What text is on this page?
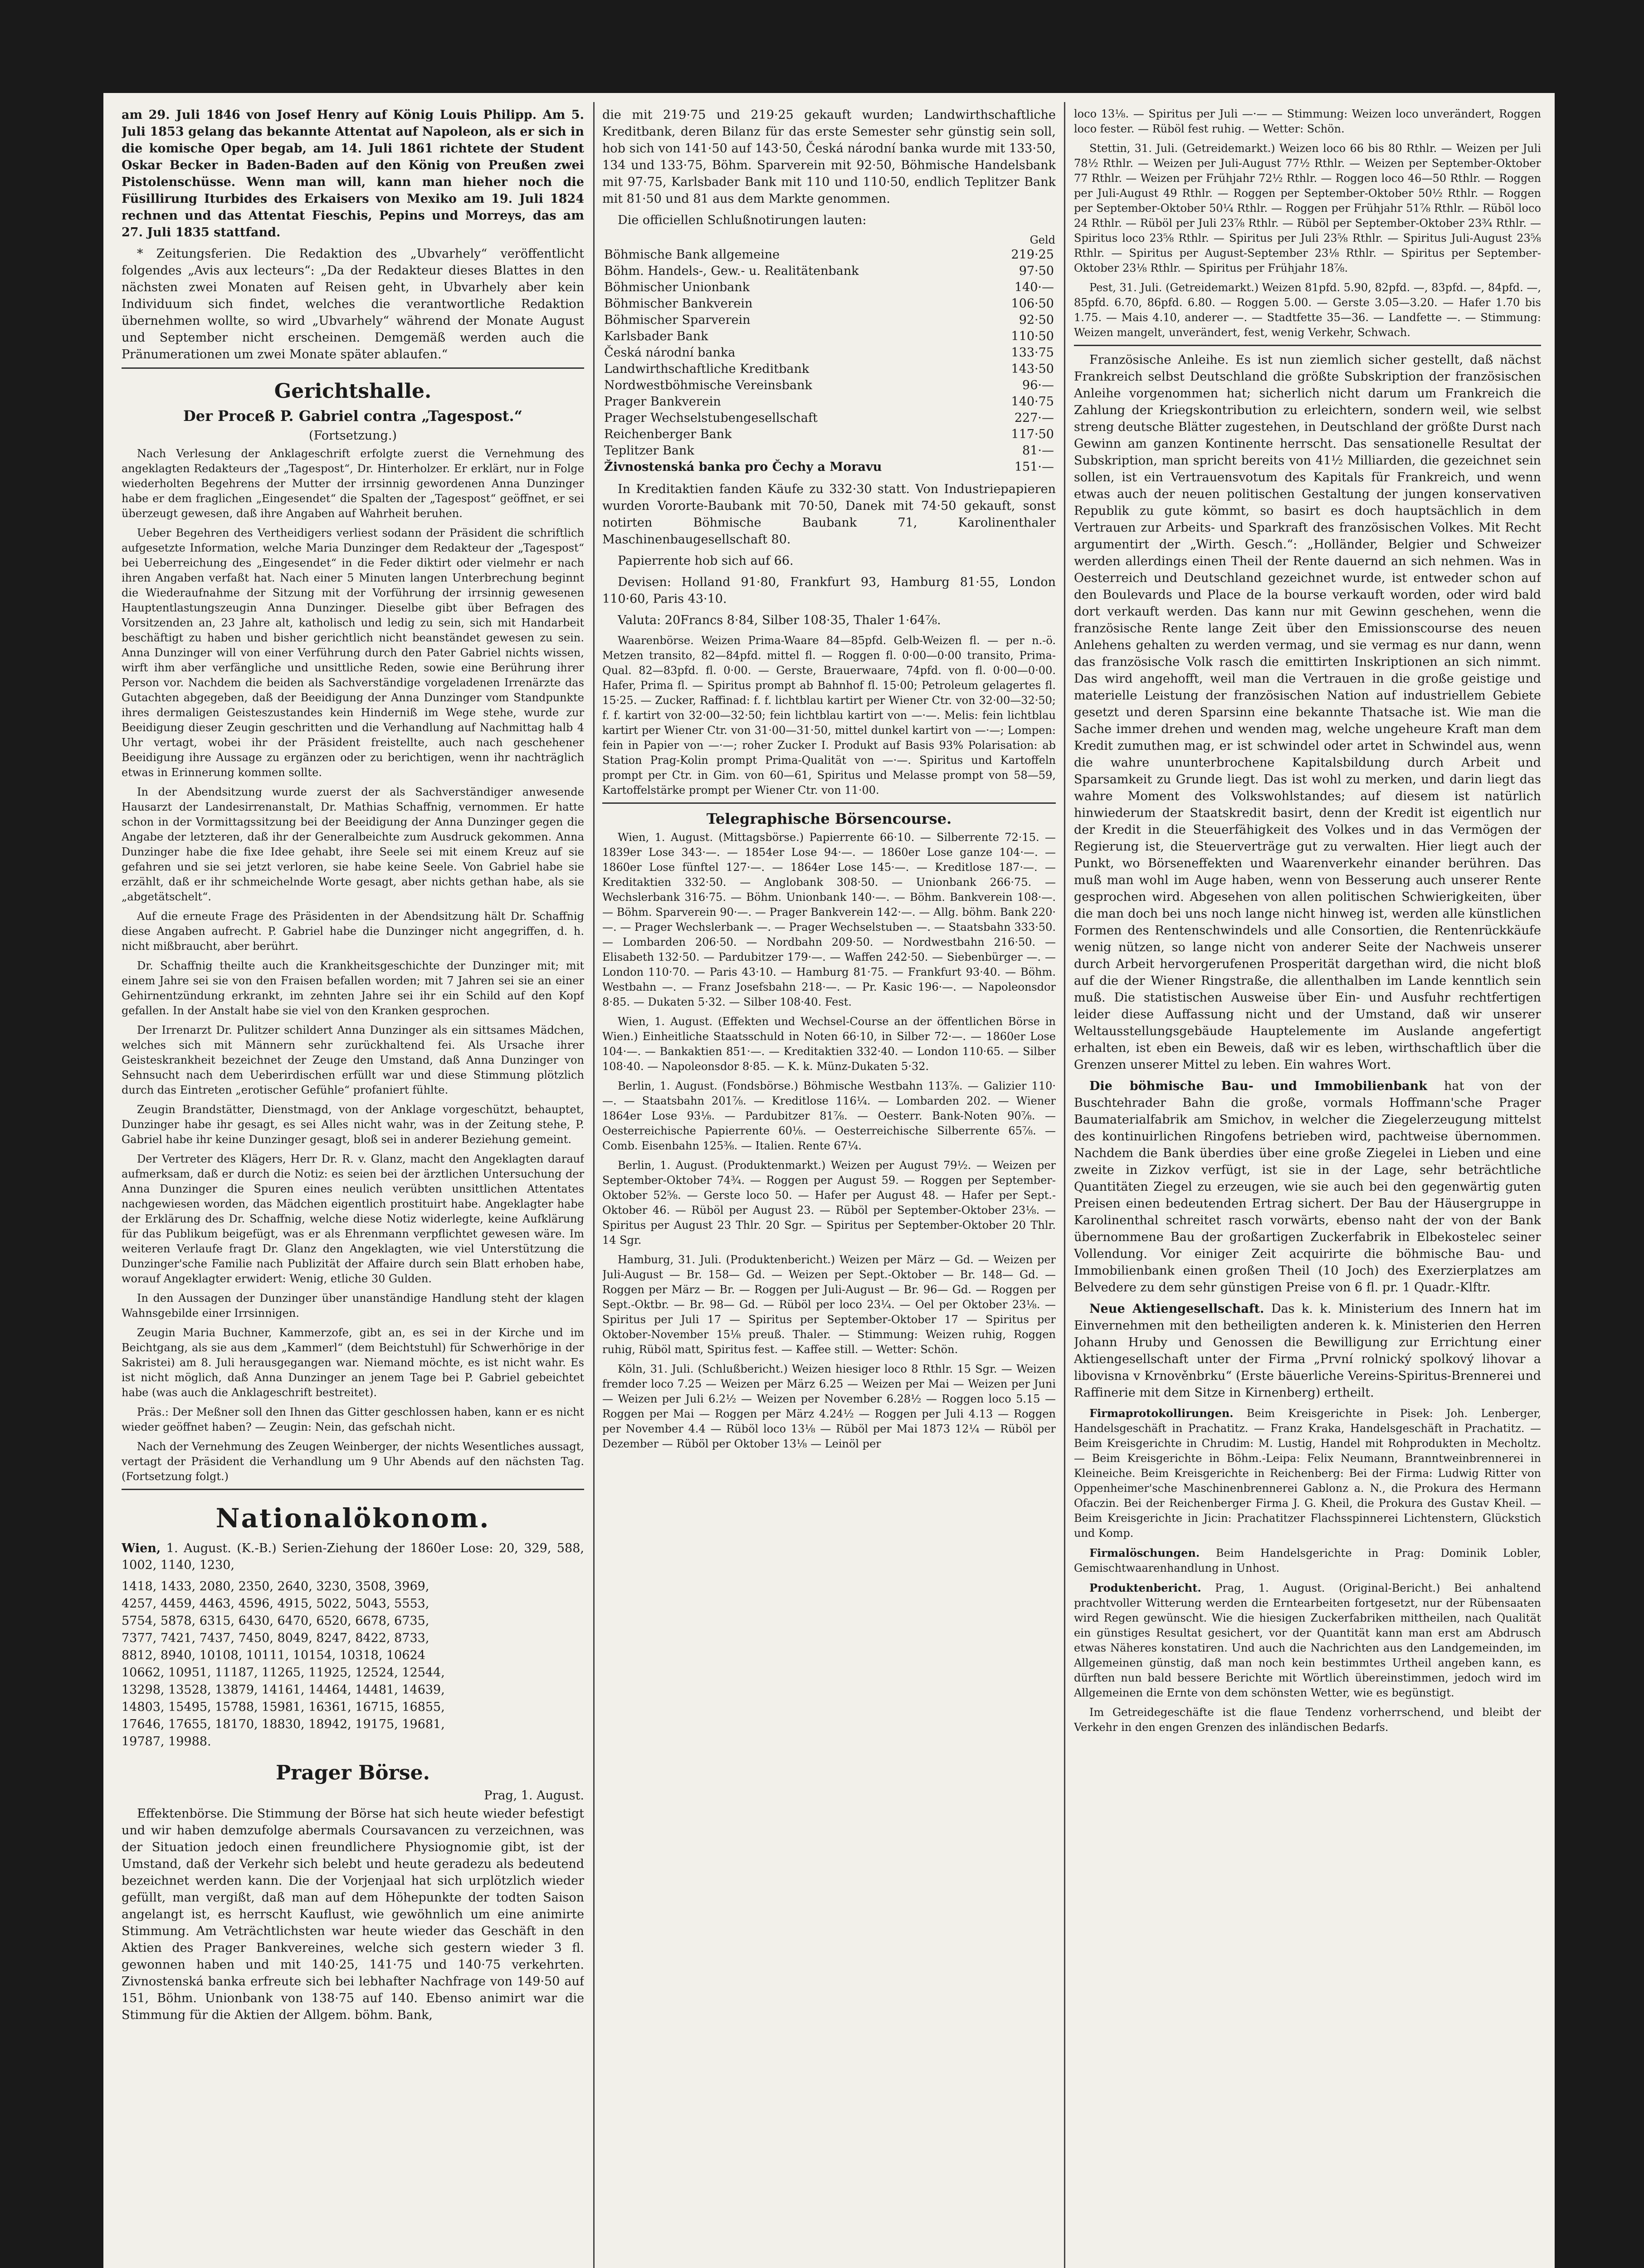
am 29. Juli 1846 von Josef Henry auf König Louis Philipp. Am 5. Juli 1853 gelang das bekannte Attentat auf Napoleon, als er sich in die komische Oper begab, am 14. Juli 1861 richtete der Student Oskar Becker in Baden-Baden auf den König von Preußen zwei Pistolenschüsse. Wenn man will, kann man hieher noch die Füsillirung Iturbides des Erkaisers von Mexiko am 19. Juli 1824 rechnen und das Attentat Fieschis, Pepins und Morreys, das am 27. Juli 1835 stattfand.

* Zeitungsferien. Die Redaktion des „Ubvarhely“ veröffentlicht folgendes „Avis aux lecteurs“: „Da der Redakteur dieses Blattes in den nächsten zwei Monaten auf Reisen geht, in Ubvarhely aber kein Individuum sich findet, welches die verantwortliche Redaktion übernehmen wollte, so wird „Ubvarhely“ während der Monate August und September nicht erscheinen. Demgemäß werden auch die Pränumerationen um zwei Monate später ablaufen.“

Gerichtshalle.
Der Proceß P. Gabriel contra „Tagespost.“
(Fortsetzung.)

Nach Verlesung der Anklageschrift erfolgte zuerst die Vernehmung des angeklagten Redakteurs der „Tagespost“, Dr. Hinterholzer. Er erklärt, nur in Folge wiederholten Begehrens der Mutter der irrsinnig gewordenen Anna Dunzinger habe er dem fraglichen „Eingesendet“ die Spalten der „Tagespost“ geöffnet, er sei überzeugt gewesen, daß ihre Angaben auf Wahrheit beruhen.

Ueber Begehren des Vertheidigers verliest sodann der Präsident die schriftlich aufgesetzte Information, welche Maria Dunzinger dem Redakteur der „Tagespost“ bei Ueberreichung des „Eingesendet“ in die Feder diktirt oder vielmehr er nach ihren Angaben verfaßt hat. Nach einer 5 Minuten langen Unterbrechung beginnt die Wiederaufnahme der Sitzung mit der Vorführung der irrsinnig gewesenen Hauptentlastungszeugin Anna Dunzinger. Dieselbe gibt über Befragen des Vorsitzenden an, 23 Jahre alt, katholisch und ledig zu sein, sich mit Handarbeit beschäftigt zu haben und bisher gerichtlich nicht beanständet gewesen zu sein. Anna Dunzinger will von einer Verführung durch den Pater Gabriel nichts wissen, wirft ihm aber verfängliche und unsittliche Reden, sowie eine Berührung ihrer Person vor. Nachdem die beiden als Sachverständige vorgeladenen Irrenärzte das Gutachten abgegeben, daß der Beeidigung der Anna Dunzinger vom Standpunkte ihres dermaligen Geisteszustandes kein Hinderniß im Wege stehe, wurde zur Beeidigung dieser Zeugin geschritten und die Verhandlung auf Nachmittag halb 4 Uhr vertagt, wobei ihr der Präsident freistellte, auch nach geschehener Beeidigung ihre Aussage zu ergänzen oder zu berichtigen, wenn ihr nachträglich etwas in Erinnerung kommen sollte.

In der Abendsitzung wurde zuerst der als Sachverständiger anwesende Hausarzt der Landesirrenanstalt, Dr. Mathias Schaffnig, vernommen. Er hatte schon in der Vormittagssitzung bei der Beeidigung der Anna Dunzinger gegen die Angabe der letzteren, daß ihr der Generalbeichte zum Ausdruck gekommen. Anna Dunzinger habe die fixe Idee gehabt, ihre Seele sei mit einem Kreuz auf sie gefahren und sie sei jetzt verloren, sie habe keine Seele. Von Gabriel habe sie erzählt, daß er ihr schmeichelnde Worte gesagt, aber nichts gethan habe, als sie „abgetätschelt“.

Auf die erneute Frage des Präsidenten in der Abendsitzung hält Dr. Schaffnig diese Angaben aufrecht. P. Gabriel habe die Dunzinger nicht angegriffen, d. h. nicht mißbraucht, aber berührt.

Dr. Schaffnig theilte auch die Krankheitsgeschichte der Dunzinger mit; mit einem Jahre sei sie von den Fraisen befallen worden; mit 7 Jahren sei sie an einer Gehirnentzündung erkrankt, im zehnten Jahre sei ihr ein Schild auf den Kopf gefallen. In der Anstalt habe sie viel von den Kranken gesprochen.

Der Irrenarzt Dr. Pulitzer schildert Anna Dunzinger als ein sittsames Mädchen, welches sich mit Männern sehr zurückhaltend fei. Als Ursache ihrer Geisteskrankheit bezeichnet der Zeuge den Umstand, daß Anna Dunzinger von Sehnsucht nach dem Ueberirdischen erfüllt war und diese Stimmung plötzlich durch das Eintreten „erotischer Gefühle“ profaniert fühlte.

Zeugin Brandstätter, Dienstmagd, von der Anklage vorgeschützt, behauptet, Dunzinger habe ihr gesagt, es sei Alles nicht wahr, was in der Zeitung stehe, P. Gabriel habe ihr keine Dunzinger gesagt, bloß sei in anderer Beziehung gemeint.

Der Vertreter des Klägers, Herr Dr. R. v. Glanz, macht den Angeklagten darauf aufmerksam, daß er durch die Notiz: es seien bei der ärztlichen Untersuchung der Anna Dunzinger die Spuren eines neulich verübten unsittlichen Attentates nachgewiesen worden, das Mädchen eigentlich prostituirt habe. Angeklagter habe der Erklärung des Dr. Schaffnig, welche diese Notiz widerlegte, keine Aufklärung für das Publikum beigefügt, was er als Ehrenmann verpflichtet gewesen wäre. Im weiteren Verlaufe fragt Dr. Glanz den Angeklagten, wie viel Unterstützung die Dunzinger'sche Familie nach Publizität der Affaire durch sein Blatt erhoben habe, worauf Angeklagter erwidert: Wenig, etliche 30 Gulden.

In den Aussagen der Dunzinger über unanständige Handlung steht der klagen Wahnsgebilde einer Irrsinnigen.

Zeugin Maria Buchner, Kammerzofe, gibt an, es sei in der Kirche und im Beichtgang, als sie aus dem „Kammerl“ (dem Beichtstuhl) für Schwerhörige in der Sakristei) am 8. Juli herausgegangen war. Niemand möchte, es ist nicht wahr. Es ist nicht möglich, daß Anna Dunzinger an jenem Tage bei P. Gabriel gebeichtet habe (was auch die Anklageschrift bestreitet).

Präs.: Der Meßner soll den Ihnen das Gitter geschlossen haben, kann er es nicht wieder geöffnet haben? — Zeugin: Nein, das gefschah nicht.

Nach der Vernehmung des Zeugen Weinberger, der nichts Wesentliches aussagt, vertagt der Präsident die Verhandlung um 9 Uhr Abends auf den nächsten Tag. (Fortsetzung folgt.)

Nationalökonom.

Wien, 1. August. (K.-B.) Serien-Ziehung der 1860er Lose: 20, 329, 588, 1002, 1140, 1230,

1418, 1433, 2080, 2350, 2640, 3230, 3508, 3969,
4257, 4459, 4463, 4596, 4915, 5022, 5043, 5553,
5754, 5878, 6315, 6430, 6470, 6520, 6678, 6735,
7377, 7421, 7437, 7450, 8049, 8247, 8422, 8733,
8812, 8940, 10108, 10111, 10154, 10318, 10624
10662, 10951, 11187, 11265, 11925, 12524, 12544,
13298, 13528, 13879, 14161, 14464, 14481, 14639,
14803, 15495, 15788, 15981, 16361, 16715, 16855,
17646, 17655, 18170, 18830, 18942, 19175, 19681,
19787, 19988.
Prager Börse.
Prag, 1. August.

Effektenbörse. Die Stimmung der Börse hat sich heute wieder befestigt und wir haben demzufolge abermals Coursavancen zu verzeichnen, was der Situation jedoch einen freundlichere Physiognomie gibt, ist der Umstand, daß der Verkehr sich belebt und heute geradezu als bedeutend bezeichnet werden kann. Die der Vorjenjaal hat sich urplötzlich wieder gefüllt, man vergißt, daß man auf dem Höhepunkte der todten Saison angelangt ist, es herrscht Kauflust, wie gewöhnlich um eine animirte Stimmung. Am Veträchtlichsten war heute wieder das Geschäft in den Aktien des Prager Bankvereines, welche sich gestern wieder 3 fl. gewonnen haben und mit 140·25, 141·75 und 140·75 verkehrten. Zivnostenská banka erfreute sich bei lebhafter Nachfrage von 149·50 auf 151, Böhm. Unionbank von 138·75 auf 140. Ebenso animirt war die Stimmung für die Aktien der Allgem. böhm. Bank,

die mit 219·75 und 219·25 gekauft wurden; Landwirthschaftliche Kreditbank, deren Bilanz für das erste Semester sehr günstig sein soll, hob sich von 141·50 auf 143·50, Česká národní banka wurde mit 133·50, 134 und 133·75, Böhm. Sparverein mit 92·50, Böhmische Handelsbank mit 97·75, Karlsbader Bank mit 110 und 110·50, endlich Teplitzer Bank mit 81·50 und 81 aus dem Markte genommen.

Die officiellen Schlußnotirungen lauten:

	Geld
Böhmische Bank allgemeine	219·25
Böhm. Handels-, Gew.- u. Realitätenbank	97·50
Böhmischer Unionbank	140·—
Böhmischer Bankverein	106·50
Böhmischer Sparverein	92·50
Karlsbader Bank	110·50
Česká národní banka	133·75
Landwirthschaftliche Kreditbank	143·50
Nordwestböhmische Vereinsbank	96·—
Prager Bankverein	140·75
Prager Wechselstubengesellschaft	227·—
Reichenberger Bank	117·50
Teplitzer Bank	81·—
Živnostenská banka pro Čechy a Moravu	151·—

In Kreditaktien fanden Käufe zu 332·30 statt. Von Industriepapieren wurden Vororte-Baubank mit 70·50, Danek mit 74·50 gekauft, sonst notirten Böhmische Baubank 71, Karolinenthaler Maschinenbaugesellschaft 80.

Papierrente hob sich auf 66.

Devisen: Holland 91·80, Frankfurt 93, Hamburg 81·55, London 110·60, Paris 43·10.

Valuta: 20Francs 8·84, Silber 108·35, Thaler 1·64⅞.

Waarenbörse. Weizen Prima-Waare 84—85pfd. Gelb-Weizen fl. — per n.-ö. Metzen transito, 82—84pfd. mittel fl. — Roggen fl. 0·00—0·00 transito, Prima-Qual. 82—83pfd. fl. 0·00. — Gerste, Brauerwaare, 74pfd. von fl. 0·00—0·00. Hafer, Prima fl. — Spiritus prompt ab Bahnhof fl. 15·00; Petroleum gelagertes fl. 15·25. — Zucker, Raffinad: f. f. lichtblau kartirt per Wiener Ctr. von 32·00—32·50; f. f. kartirt von 32·00—32·50; fein lichtblau kartirt von —·—. Melis: fein lichtblau kartirt per Wiener Ctr. von 31·00—31·50, mittel dunkel kartirt von —·—; Lompen: fein in Papier von —·—; roher Zucker I. Produkt auf Basis 93% Polarisation: ab Station Prag-Kolin prompt Prima-Qualität von —·—. Spiritus und Kartoffeln prompt per Ctr. in Gim. von 60—61, Spiritus und Melasse prompt von 58—59, Kartoffelstärke prompt per Wiener Ctr. von 11·00.

Telegraphische Börsencourse.

Wien, 1. August. (Mittagsbörse.) Papierrente 66·10. — Silberrente 72·15. — 1839er Lose 343·—. — 1854er Lose 94·—. — 1860er Lose ganze 104·—. — 1860er Lose fünftel 127·—. — 1864er Lose 145·—. — Kreditlose 187·—. — Kreditaktien 332·50. — Anglobank 308·50. — Unionbank 266·75. — Wechslerbank 316·75. — Böhm. Unionbank 140·—. — Böhm. Bankverein 108·—. — Böhm. Sparverein 90·—. — Prager Bankverein 142·—. — Allg. böhm. Bank 220·—. — Prager Wechslerbank —. — Prager Wechselstuben —. — Staatsbahn 333·50. — Lombarden 206·50. — Nordbahn 209·50. — Nordwestbahn 216·50. — Elisabeth 132·50. — Pardubitzer 179·—. — Waffen 242·50. — Siebenbürger —. — London 110·70. — Paris 43·10. — Hamburg 81·75. — Frankfurt 93·40. — Böhm. Westbahn —. — Franz Josefsbahn 218·—. — Pr. Kasic 196·—. — Napoleonsdor 8·85. — Dukaten 5·32. — Silber 108·40. Fest.

Wien, 1. August. (Effekten und Wechsel-Course an der öffentlichen Börse in Wien.) Einheitliche Staatsschuld in Noten 66·10, in Silber 72·—. — 1860er Lose 104·—. — Bankaktien 851·—. — Kreditaktien 332·40. — London 110·65. — Silber 108·40. — Napoleonsdor 8·85. — K. k. Münz-Dukaten 5·32.

Berlin, 1. August. (Fondsbörse.) Böhmische Westbahn 113⅞. — Galizier 110·—. — Staatsbahn 201⅞. — Kreditlose 116¼. — Lombarden 202. — Wiener 1864er Lose 93⅛. — Pardubitzer 81⅞. — Oesterr. Bank-Noten 90⅞. — Oesterreichische Papierrente 60⅛. — Oesterreichische Silberrente 65⅞. — Comb. Eisenbahn 125⅜. — Italien. Rente 67¼.

Berlin, 1. August. (Produktenmarkt.) Weizen per August 79½. — Weizen per September-Oktober 74¾. — Roggen per August 59. — Roggen per September-Oktober 52⅝. — Gerste loco 50. — Hafer per August 48. — Hafer per Sept.-Oktober 46. — Rüböl per August 23. — Rüböl per September-Oktober 23⅛. — Spiritus per August 23 Thlr. 20 Sgr. — Spiritus per September-Oktober 20 Thlr. 14 Sgr.

Hamburg, 31. Juli. (Produktenbericht.) Weizen per März — Gd. — Weizen per Juli-August — Br. 158— Gd. — Weizen per Sept.-Oktober — Br. 148— Gd. — Roggen per März — Br. — Roggen per Juli-August — Br. 96— Gd. — Roggen per Sept.-Oktbr. — Br. 98— Gd. — Rüböl per loco 23¼. — Oel per Oktober 23⅛. — Spiritus per Juli 17 — Spiritus per September-Oktober 17 — Spiritus per Oktober-November 15⅛ preuß. Thaler. — Stimmung: Weizen ruhig, Roggen ruhig, Rüböl matt, Spiritus fest. — Kaffee still. — Wetter: Schön.

Köln, 31. Juli. (Schlußbericht.) Weizen hiesiger loco 8 Rthlr. 15 Sgr. — Weizen fremder loco 7.25 — Weizen per März 6.25 — Weizen per Mai — Weizen per Juni — Weizen per Juli 6.2½ — Weizen per November 6.28½ — Roggen loco 5.15 — Roggen per Mai — Roggen per März 4.24½ — Roggen per Juli 4.13 — Roggen per November 4.4 — Rüböl loco 13⅛ — Rüböl per Mai 1873 12¼ — Rüböl per Dezember — Rüböl per Oktober 13⅛ — Leinöl per

loco 13⅛. — Spiritus per Juli —·— — Stimmung: Weizen loco unverändert, Roggen loco fester. — Rüböl fest ruhig. — Wetter: Schön.

Stettin, 31. Juli. (Getreidemarkt.) Weizen loco 66 bis 80 Rthlr. — Weizen per Juli 78½ Rthlr. — Weizen per Juli-August 77½ Rthlr. — Weizen per September-Oktober 77 Rthlr. — Weizen per Frühjahr 72½ Rthlr. — Roggen loco 46—50 Rthlr. — Roggen per Juli-August 49 Rthlr. — Roggen per September-Oktober 50½ Rthlr. — Roggen per September-Oktober 50¼ Rthlr. — Roggen per Frühjahr 51⅞ Rthlr. — Rüböl loco 24 Rthlr. — Rüböl per Juli 23⅞ Rthlr. — Rüböl per September-Oktober 23¾ Rthlr. — Spiritus loco 23⅝ Rthlr. — Spiritus per Juli 23⅝ Rthlr. — Spiritus Juli-August 23⅝ Rthlr. — Spiritus per August-September 23⅛ Rthlr. — Spiritus per September-Oktober 23⅛ Rthlr. — Spiritus per Frühjahr 18⅞.

Pest, 31. Juli. (Getreidemarkt.) Weizen 81pfd. 5.90, 82pfd. —, 83pfd. —, 84pfd. —, 85pfd. 6.70, 86pfd. 6.80. — Roggen 5.00. — Gerste 3.05—3.20. — Hafer 1.70 bis 1.75. — Mais 4.10, anderer —. — Stadtfette 35—36. — Landfette —. — Stimmung: Weizen mangelt, unverändert, fest, wenig Verkehr, Schwach.

Französische Anleihe. Es ist nun ziemlich sicher gestellt, daß nächst Frankreich selbst Deutschland die größte Subskription der französischen Anleihe vorgenommen hat; sicherlich nicht darum um Frankreich die Zahlung der Kriegskontribution zu erleichtern, sondern weil, wie selbst streng deutsche Blätter zugestehen, in Deutschland der größte Durst nach Gewinn am ganzen Kontinente herrscht. Das sensationelle Resultat der Subskription, man spricht bereits von 41½ Milliarden, die gezeichnet sein sollen, ist ein Vertrauensvotum des Kapitals für Frankreich, und wenn etwas auch der neuen politischen Gestaltung der jungen konservativen Republik zu gute kömmt, so basirt es doch hauptsächlich in dem Vertrauen zur Arbeits- und Sparkraft des französischen Volkes. Mit Recht argumentirt der „Wirth. Gesch.“: „Holländer, Belgier und Schweizer werden allerdings einen Theil der Rente dauernd an sich nehmen. Was in Oesterreich und Deutschland gezeichnet wurde, ist entweder schon auf den Boulevards und Place de la bourse verkauft worden, oder wird bald dort verkauft werden. Das kann nur mit Gewinn geschehen, wenn die französische Rente lange Zeit über den Emissionscourse des neuen Anlehens gehalten zu werden vermag, und sie vermag es nur dann, wenn das französische Volk rasch die emittirten Inskriptionen an sich nimmt. Das wird angehofft, weil man die Vertrauen in die große geistige und materielle Leistung der französischen Nation auf industriellem Gebiete gesetzt und deren Sparsinn eine bekannte Thatsache ist. Wie man die Sache immer drehen und wenden mag, welche ungeheure Kraft man dem Kredit zumuthen mag, er ist schwindel oder artet in Schwindel aus, wenn die wahre ununterbrochene Kapitalsbildung durch Arbeit und Sparsamkeit zu Grunde liegt. Das ist wohl zu merken, und darin liegt das wahre Moment des Volkswohlstandes; auf diesem ist natürlich hinwiederum der Staatskredit basirt, denn der Kredit ist eigentlich nur der Kredit in die Steuerfähigkeit des Volkes und in das Vermögen der Regierung ist, die Steuerverträge gut zu verwalten. Hier liegt auch der Punkt, wo Börseneffekten und Waarenverkehr einander berühren. Das muß man wohl im Auge haben, wenn von Besserung auch unserer Rente gesprochen wird. Abgesehen von allen politischen Schwierigkeiten, über die man doch bei uns noch lange nicht hinweg ist, werden alle künstlichen Formen des Rentenschwindels und alle Consortien, die Rentenrückkäufe wenig nützen, so lange nicht von anderer Seite der Nachweis unserer durch Arbeit hervorgerufenen Prosperität dargethan wird, die nicht bloß auf die der Wiener Ringstraße, die allenthalben im Lande kenntlich sein muß. Die statistischen Ausweise über Ein- und Ausfuhr rechtfertigen leider diese Auffassung nicht und der Umstand, daß wir unserer Weltausstellungsgebäude Hauptelemente im Auslande angefertigt erhalten, ist eben ein Beweis, daß wir es leben, wirthschaftlich über die Grenzen unserer Mittel zu leben. Ein wahres Wort.

Die böhmische Bau- und Immobilienbank hat von der Buschtehrader Bahn die große, vormals Hoffmann'sche Prager Baumaterialfabrik am Smichov, in welcher die Ziegelerzeugung mittelst des kontinuirlichen Ringofens betrieben wird, pachtweise übernommen. Nachdem die Bank überdies über eine große Ziegelei in Lieben und eine zweite in Zizkov verfügt, ist sie in der Lage, sehr beträchtliche Quantitäten Ziegel zu erzeugen, wie sie auch bei den gegenwärtig guten Preisen einen bedeutenden Ertrag sichert. Der Bau der Häusergruppe in Karolinenthal schreitet rasch vorwärts, ebenso naht der von der Bank übernommene Bau der großartigen Zuckerfabrik in Elbekostelec seiner Vollendung. Vor einiger Zeit acquirirte die böhmische Bau- und Immobilienbank einen großen Theil (10 Joch) des Exerzierplatzes am Belvedere zu dem sehr günstigen Preise von 6 fl. pr. 1 Quadr.-Klftr.

Neue Aktiengesellschaft. Das k. k. Ministerium des Innern hat im Einvernehmen mit den betheiligten anderen k. k. Ministerien den Herren Johann Hruby und Genossen die Bewilligung zur Errichtung einer Aktiengesellschaft unter der Firma „První rolnický spolkový lihovar a libovisna v Krnověnbrku“ (Erste bäuerliche Vereins-Spiritus-Brennerei und Raffinerie mit dem Sitze in Kirnenberg) ertheilt.

Firmaprotokollirungen. Beim Kreisgerichte in Pisek: Joh. Lenberger, Handelsgeschäft in Prachatitz. — Franz Kraka, Handelsgeschäft in Prachatitz. — Beim Kreisgerichte in Chrudim: M. Lustig, Handel mit Rohprodukten in Mecholtz. — Beim Kreisgerichte in Böhm.-Leipa: Felix Neumann, Branntweinbrennerei in Kleineiche. Beim Kreisgerichte in Reichenberg: Bei der Firma: Ludwig Ritter von Oppenheimer'sche Maschinenbrennerei Gablonz a. N., die Prokura des Hermann Ofaczin. Bei der Reichenberger Firma J. G. Kheil, die Prokura des Gustav Kheil. — Beim Kreisgerichte in Jicin: Prachatitzer Flachsspinnerei Lichtenstern, Glückstich und Komp.

Firmalöschungen. Beim Handelsgerichte in Prag: Dominik Lobler, Gemischtwaarenhandlung in Unhost.

Produktenbericht. Prag, 1. August. (Original-Bericht.) Bei anhaltend prachtvoller Witterung werden die Erntearbeiten fortgesetzt, nur der Rübensaaten wird Regen gewünscht. Wie die hiesigen Zuckerfabriken mittheilen, nach Qualität ein günstiges Resultat gesichert, vor der Quantität kann man erst am Abdrusch etwas Näheres konstatiren. Und auch die Nachrichten aus den Landgemeinden, im Allgemeinen günstig, daß man noch kein bestimmtes Urtheil angeben kann, es dürften nun bald bessere Berichte mit Wörtlich übereinstimmen, jedoch wird im Allgemeinen die Ernte von dem schönsten Wetter, wie es begünstigt.

Im Getreidegeschäfte ist die flaue Tendenz vorherrschend, und bleibt der Verkehr in den engen Grenzen des inländischen Bedarfs.
